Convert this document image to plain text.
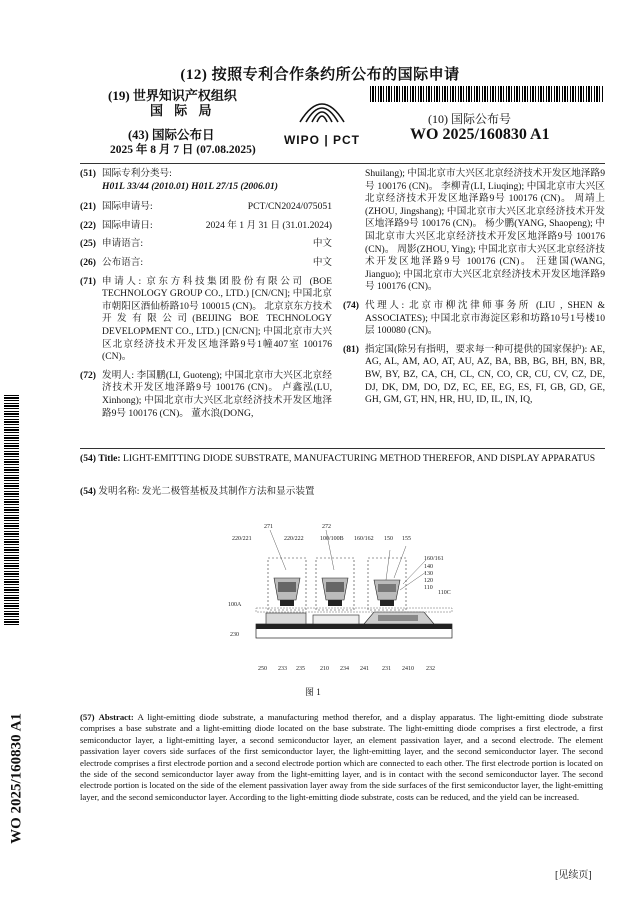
(12) 按照专利合作条约所公布的国际申请
(19) 世界知识产权组织
国 际 局
(43) 国际公布日
2025 年 8 月 7 日 (07.08.2025)
WIPO | PCT
(10) 国际公布号
WO 2025/160830 A1
WO 2025/160830 A1
(51) 国际专利分类号:
H01L 33/44 (2010.01) H01L 27/15 (2006.01)
(21) 国际申请号:	PCT/CN2024/075051
(22) 国际申请日:	2024 年 1 月 31 日 (31.01.2024)
(25) 申请语言:	中文
(26) 公布语言:	中文
(71) 申请人: 京东方科技集团股份有限公司 (BOE TECHNOLOGY GROUP CO., LTD.) [CN/CN]; 中国北京市朝阳区酒仙桥路10号 100015 (CN)。 北京京东方技术开发有限公司(BEIJING BOE TECHNOLOGY DEVELOPMENT CO., LTD.) [CN/CN]; 中国北京市大兴区北京经济技术开发区地泽路9号1幢407室 100176 (CN)。
(72) 发明人: 李国鹏(LI, Guoteng); 中国北京市大兴区北京经济技术开发区地泽路9号 100176 (CN)。 卢鑫泓(LU, Xinhong); 中国北京市大兴区北京经济技术开发区地泽路9号 100176 (CN)。 董水浪(DONG,
Shuilang); 中国北京市大兴区北京经济技术开发区地泽路9号 100176 (CN)。 李柳青(LI, Liuqing); 中国北京市大兴区北京经济技术开发区地泽路9号 100176 (CN)。 周靖上(ZHOU, Jingshang); 中国北京市大兴区北京经济技术开发区地泽路9号 100176 (CN)。 杨少鹏(YANG, Shaopeng); 中国北京市大兴区北京经济技术开发区地泽路9号 100176 (CN)。 周影(ZHOU, Ying); 中国北京市大兴区北京经济技术开发区地泽路9号 100176 (CN)。 汪建国(WANG, Jianguo); 中国北京市大兴区北京经济技术开发区地泽路9号 100176 (CN)。
(74) 代理人: 北京市柳沈律师事务所 (LIU , SHEN & ASSOCIATES); 中国北京市海淀区彩和坊路10号1号楼10层 100080 (CN)。
(81) 指定国(除另有指明，要求每一种可提供的国家保护): AE, AG, AL, AM, AO, AT, AU, AZ, BA, BB, BG, BH, BN, BR, BW, BY, BZ, CA, CH, CL, CN, CO, CR, CU, CV, CZ, DE, DJ, DK, DM, DO, DZ, EC, EE, EG, ES, FI, GB, GD, GE, GH, GM, GT, HN, HR, HU, ID, IL, IN, IQ,
(54) Title: LIGHT-EMITTING DIODE SUBSTRATE, MANUFACTURING METHOD THEREFOR, AND DISPLAY APPARATUS
(54) 发明名称: 发光二极管基板及其制作方法和显示装置
271	272
220/221	220/222	100/100B 160/162 150 155
160/161
140
130
120
110
110C
100A
230
250 233 235	210 234 241 231 2410 232
图 1
(57) Abstract: A light-emitting diode substrate, a manufacturing method therefor, and a display apparatus. The light-emitting diode substrate comprises a base substrate and a light-emitting diode located on the base substrate. The light-emitting diode comprises a first electrode, a first semiconductor layer, a light-emitting layer, a second semiconductor layer, an element passivation layer, and a second electrode. The element passivation layer covers side surfaces of the first semiconductor layer, the light-emitting layer, and the second semiconductor layer. The second electrode comprises a first electrode portion and a second electrode portion which are connected to each other. The first electrode portion is located on the side of the second semiconductor layer away from the light-emitting layer, and is in contact with the second semiconductor layer. The second electrode portion is located on the side of the element passivation layer away from the side surfaces of the first semiconductor layer, the light-emitting layer, and the second semiconductor layer. According to the light-emitting diode substrate, costs can be reduced, and the yield can be increased.
[见续页]
